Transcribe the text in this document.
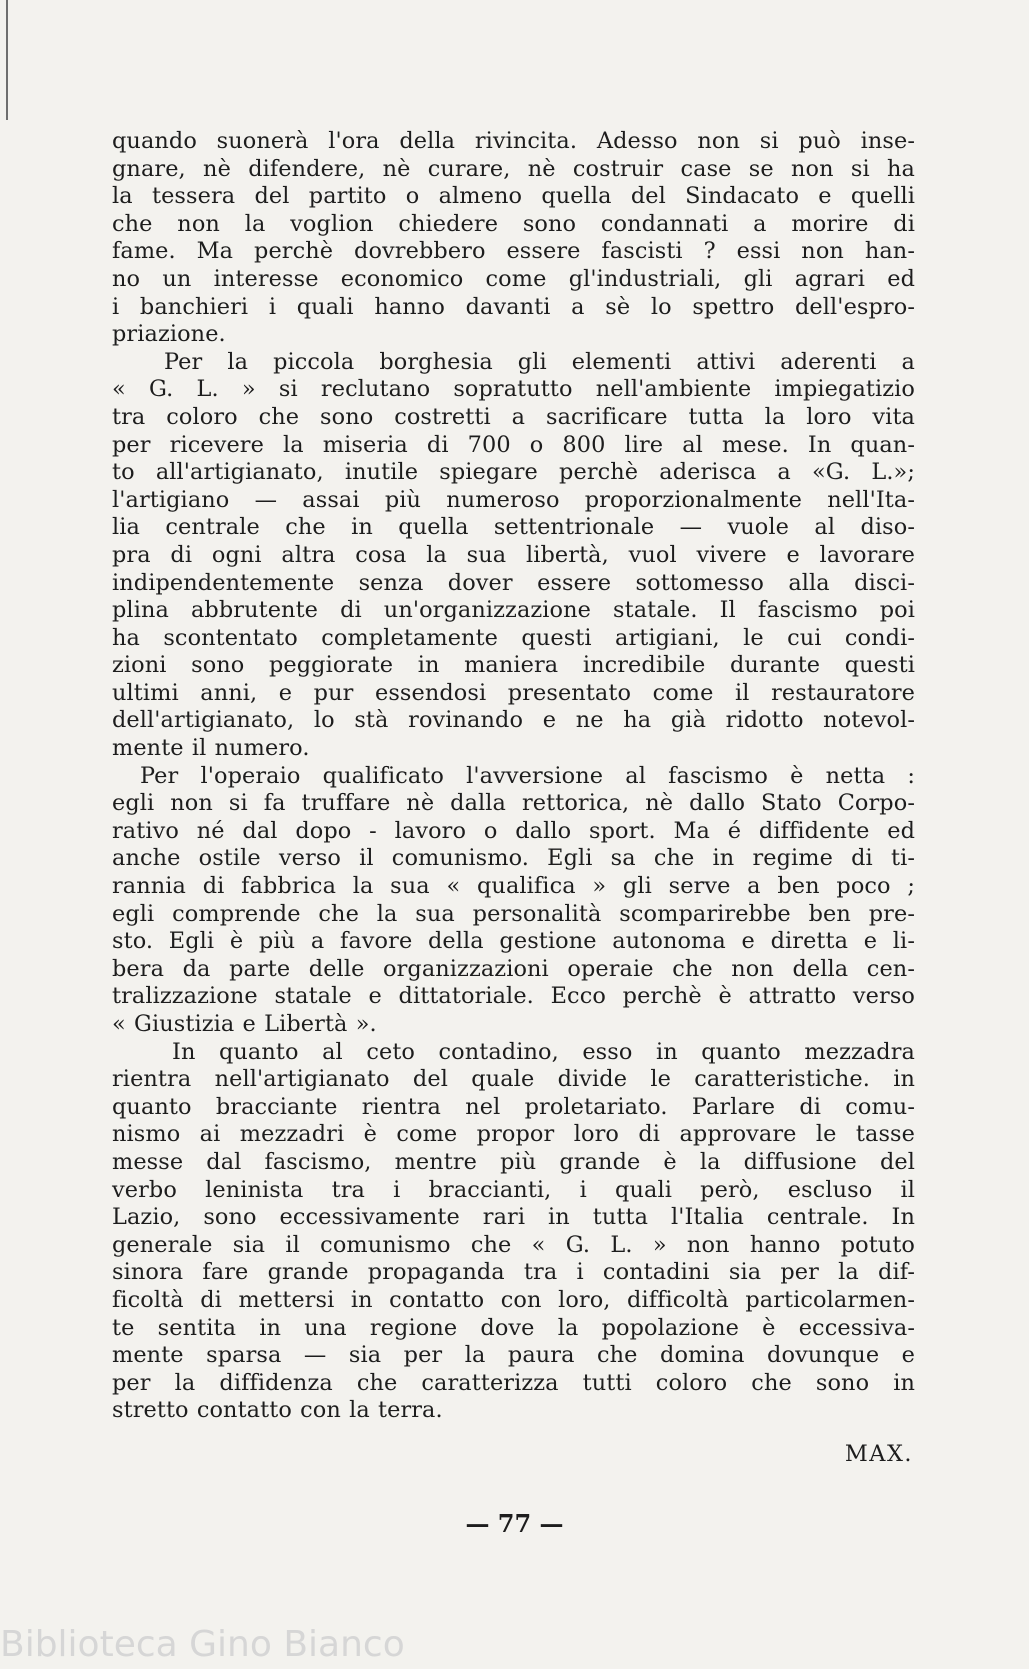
quando suonerà l'ora della rivincita. Adesso non si può inse-
gnare, nè difendere, nè curare, nè costruir case se non si ha
la tessera del partito o almeno quella del Sindacato e quelli
che non la voglion chiedere sono condannati a morire di
fame. Ma perchè dovrebbero essere fascisti ? essi non han-
no un interesse economico come gl'industriali, gli agrari ed
i banchieri i quali hanno davanti a sè lo spettro dell'espro-
priazione.

Per la piccola borghesia gli elementi attivi aderenti a
« G. L. » si reclutano sopratutto nell'ambiente impiegatizio
tra coloro che sono costretti a sacrificare tutta la loro vita
per ricevere la miseria di 700 o 800 lire al mese. In quan-
to all'artigianato, inutile spiegare perchè aderisca a «G. L.»;
l'artigiano — assai più numeroso proporzionalmente nell'Ita-
lia centrale che in quella settentrionale — vuole al diso-
pra di ogni altra cosa la sua libertà, vuol vivere e lavorare
indipendentemente senza dover essere sottomesso alla disci-
plina abbrutente di un'organizzazione statale. Il fascismo poi
ha scontentato completamente questi artigiani, le cui condi-
zioni sono peggiorate in maniera incredibile durante questi
ultimi anni, e pur essendosi presentato come il restauratore
dell'artigianato, lo stà rovinando e ne ha già ridotto notevol-
mente il numero.

Per l'operaio qualificato l'avversione al fascismo è netta :
egli non si fa truffare nè dalla rettorica, nè dallo Stato Corpo-
rativo né dal dopo - lavoro o dallo sport. Ma é diffidente ed
anche ostile verso il comunismo. Egli sa che in regime di ti-
rannia di fabbrica la sua « qualifica » gli serve a ben poco ;
egli comprende che la sua personalità scomparirebbe ben pre-
sto. Egli è più a favore della gestione autonoma e diretta e li-
bera da parte delle organizzazioni operaie che non della cen-
tralizzazione statale e dittatoriale. Ecco perchè è attratto verso
« Giustizia e Libertà ».

In quanto al ceto contadino, esso in quanto mezzadra
rientra nell'artigianato del quale divide le caratteristiche. in
quanto bracciante rientra nel proletariato. Parlare di comu-
nismo ai mezzadri è come propor loro di approvare le tasse
messe dal fascismo, mentre più grande è la diffusione del
verbo leninista tra i braccianti, i quali però, escluso il
Lazio, sono eccessivamente rari in tutta l'Italia centrale. In
generale sia il comunismo che « G. L. » non hanno potuto
sinora fare grande propaganda tra i contadini sia per la dif-
ficoltà di mettersi in contatto con loro, difficoltà particolarmen-
te sentita in una regione dove la popolazione è eccessiva-
mente sparsa — sia per la paura che domina dovunque e
per la diffidenza che caratterizza tutti coloro che sono in
stretto contatto con la terra.

MAX.
— 77 —
Biblioteca Gino Bianco
